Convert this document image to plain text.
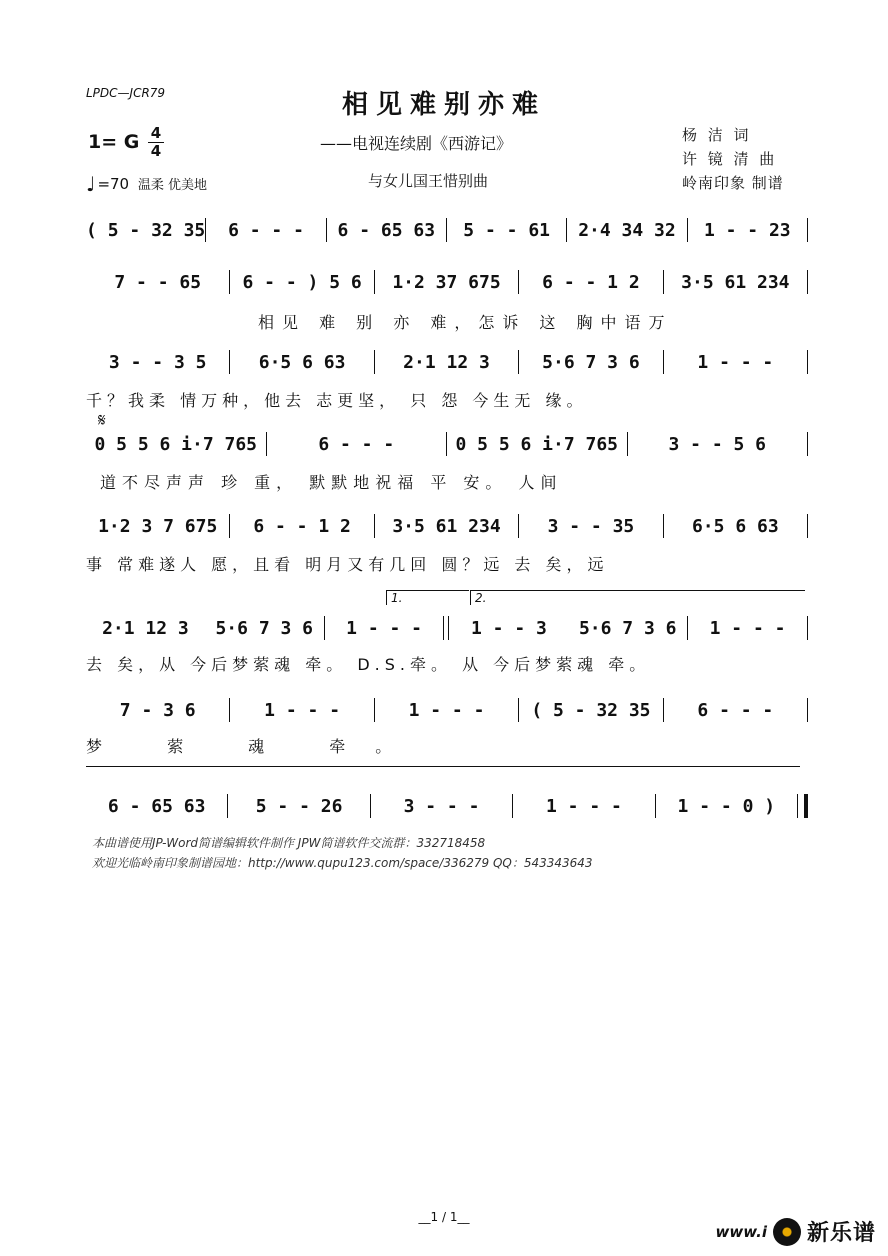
LPDC—JCR79	相见难别亦难
——电视连续剧《西游记》
与女儿国王惜别曲
杨 洁 词
许 镜 清 曲
岭南印象 制谱
1= G 4
4
♩ =70 温柔 优美地
( 5 - 32 35	6 - - -	6 - 65 63	5 - - 61	2·4 34 32	1 - - 23
7 - - 65	6 - - ) 5 6	1·2 37 675	6 - - 1 2	3·5 61 234
相见 难 别 亦 难，怎诉 这 胸中语万
3 - - 3 5	6·5 6 63	2·1 12 3	5·6 7 3 6	1 - - -
千？我柔 情万种，他去 志更坚， 只 怨 今生无 缘。
𝄋
0 5 5 6 i·7 765	6 - - -	0 5 5 6 i·7 765	3 - - 5 6
道不尽声声 珍 重， 默默地祝福 平 安。 人间
1·2 3 7 675	6 - - 1 2	3·5 61 234	3 - - 35	6·5 6 63
事 常难遂人 愿，且看 明月又有几回 圆？远 去 矣，远
1.	2.
2·1 12 3	5·6 7 3 6	1 - - -	1 - - 3	5·6 7 3 6	1 - - -
去 矣，从 今后梦萦魂 牵。 D.S.牵。 从 今后梦萦魂 牵。
7 - 3 6	1 - - -	1 - - -	( 5 - 32 35	6 - - -
梦 萦 魂 牵。
6 - 65 63	5 - - 26	3 - - -	1 - - -	1 - - 0 )
本曲谱使用JP-Word简谱编辑软件制作 JPW简谱软件交流群：332718458
欢迎光临岭南印象制谱园地：http://www.qupu123.com/space/336279 QQ：543343643
__1 / 1__
www.i 新乐谱
